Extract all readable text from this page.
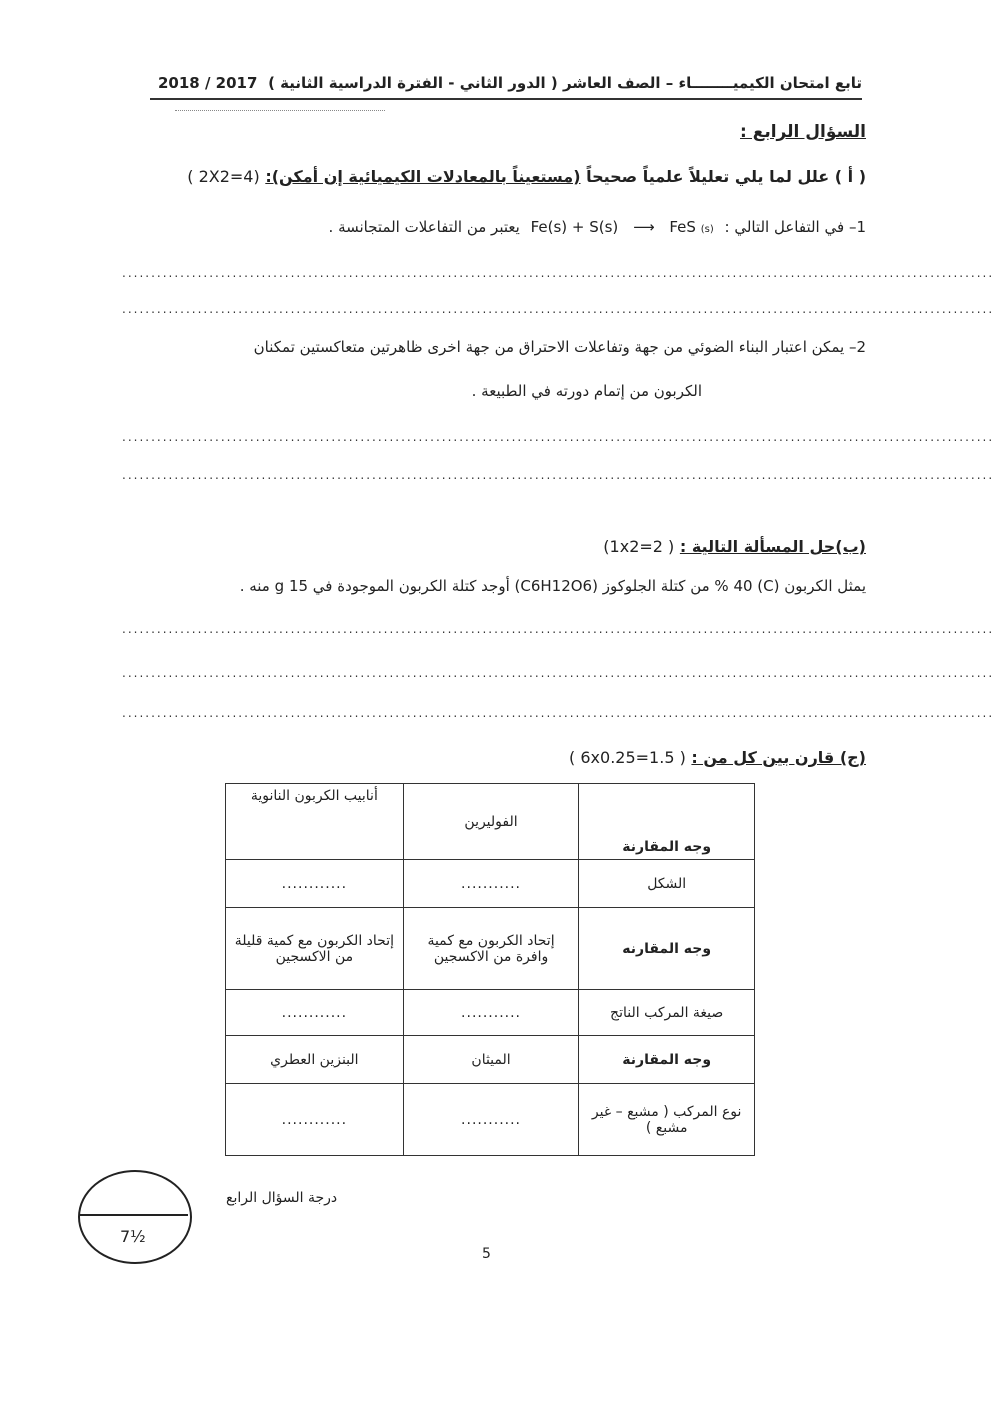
تابع امتحان الكيميــــــــاء – الصف العاشر ( الدور الثاني - الفترة الدراسية الثانية )
2018 / 2017
السؤال الرابع :
( أ ) علل لما يلي تعليلاً علمياً صحيحاً (مستعيناً بالمعادلات الكيميائية إن أمكن): (4=2X2 )
1– في التفاعل التالي : Fe(s) + S(s) ⟶ FeS (s) يعتبر من التفاعلات المتجانسة .
......................................................................................................................................................
......................................................................................................................................................
2– يمكن اعتبار البناء الضوئي من جهة وتفاعلات الاحتراق من جهة اخرى ظاهرتين متعاكستين تمكنان
الكربون من إتمام دورته في الطبيعة .
......................................................................................................................................................
......................................................................................................................................................
(ب)حل المسألة التالية : ( 2=1x2)
يمثل الكربون (C) 40 % من كتلة الجلوكوز (C6H12O6) أوجد كتلة الكربون الموجودة في 15 g منه .
......................................................................................................................................................
......................................................................................................................................................
......................................................................................................................................................
(ج) قارن بين كل من : ( 1.5=6x0.25 )
وجه المقارنة	الفوليرين	أنابيب الكربون النانوية
الشكل	...........	............
وجه المقارنه	إتحاد الكربون مع كمية وافرة من الاكسجين	إتحاد الكربون مع كمية قليلة من الاكسجين
صيغة المركب الناتج	...........	............
وجه المقارنة	الميثان	البنزين العطري
نوع المركب ( مشبع – غير مشبع )	...........	............
7½
درجة السؤال الرابع
5
